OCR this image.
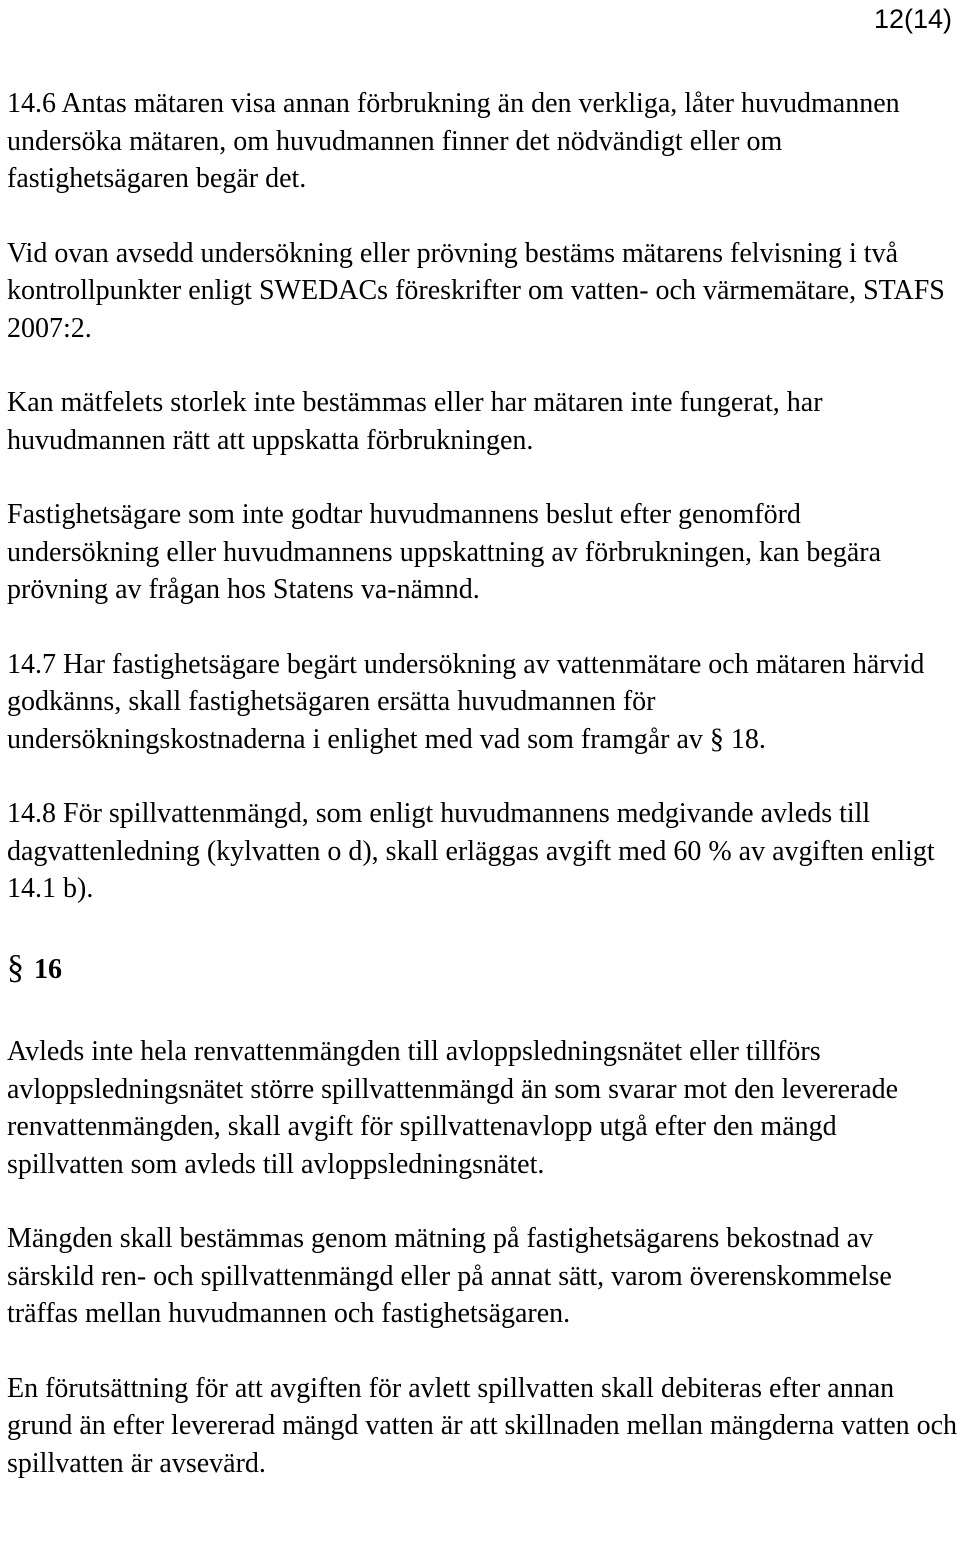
12(14)

14.6 Antas mätaren visa annan förbrukning än den verkliga, låter huvudmannen undersöka mätaren, om huvudmannen finner det nödvändigt eller om fastighetsägaren begär det.

Vid ovan avsedd undersökning eller prövning bestäms mätarens felvisning i två kontrollpunkter enligt SWEDACs föreskrifter om vatten- och värmemätare, STAFS 2007:2.

Kan mätfelets storlek inte bestämmas eller har mätaren inte fungerat, har huvudmannen rätt att uppskatta förbrukningen.

Fastighetsägare som inte godtar huvudmannens beslut efter genomförd undersökning eller huvudmannens uppskattning av förbrukningen, kan begära prövning av frågan hos Statens va-nämnd.

14.7 Har fastighetsägare begärt undersökning av vattenmätare och mätaren härvid godkänns, skall fastighetsägaren ersätta huvudmannen för undersökningskostnaderna i enlighet med vad som framgår av § 18.

14.8 För spillvattenmängd, som enligt huvudmannens medgivande avleds till dagvattenledning (kylvatten o d), skall erläggas avgift med 60 % av avgiften enligt 14.1 b).

§ 16

Avleds inte hela renvattenmängden till avloppsledningsnätet eller tillförs avloppsledningsnätet större spillvattenmängd än som svarar mot den levererade renvattenmängden, skall avgift för spillvattenavlopp utgå efter den mängd spillvatten som avleds till avloppsledningsnätet.

Mängden skall bestämmas genom mätning på fastighetsägarens bekostnad av särskild ren- och spillvattenmängd eller på annat sätt, varom överenskommelse träffas mellan huvudmannen och fastighetsägaren.

En förutsättning för att avgiften för avlett spillvatten skall debiteras efter annan grund än efter levererad mängd vatten är att skillnaden mellan mängderna vatten och spillvatten är avsevärd.
